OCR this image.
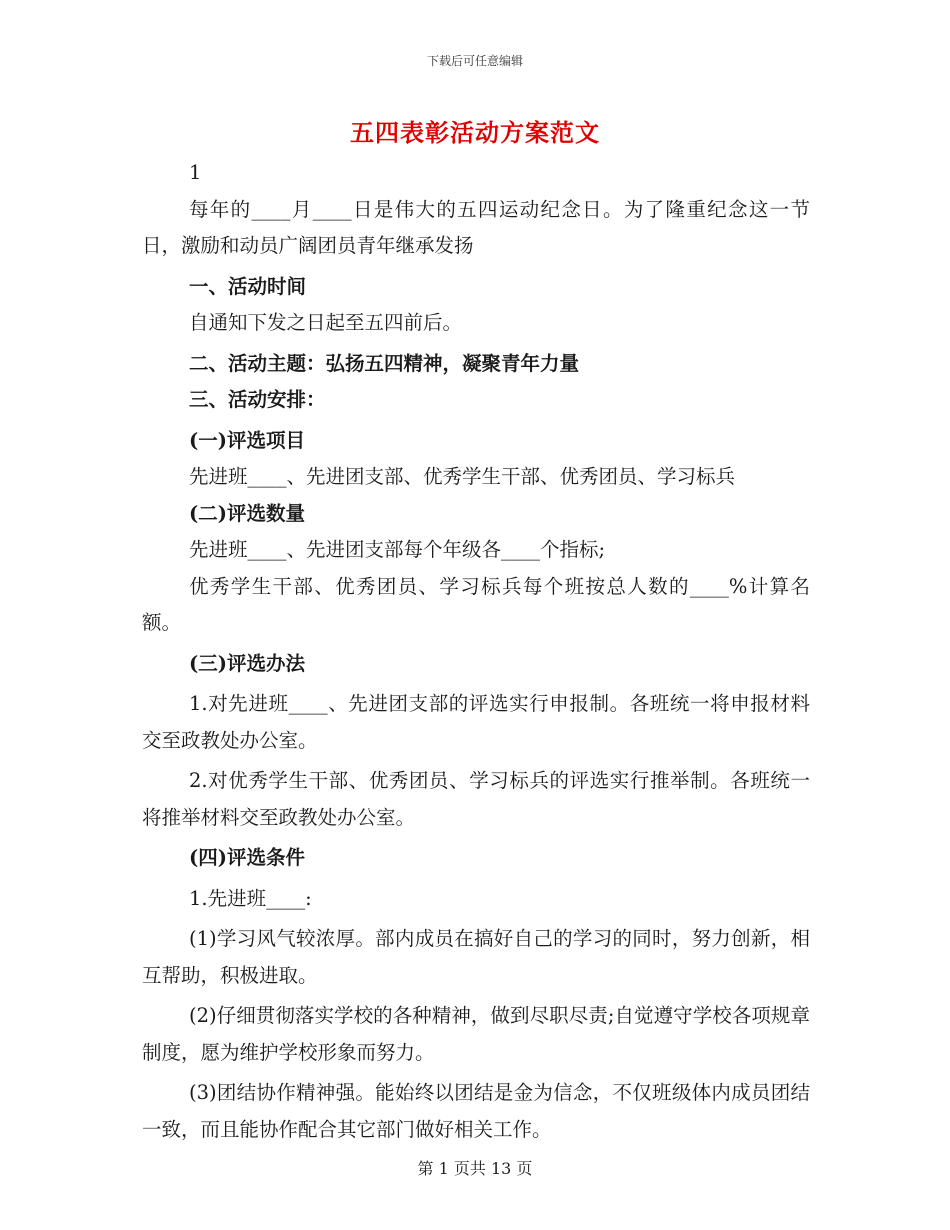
下载后可任意编辑
五四表彰活动方案范文

1

每年的____月____日是伟大的五四运动纪念日。为了隆重纪念这一节日，激励和动员广阔团员青年继承发扬

一、活动时间

自通知下发之日起至五四前后。

二、活动主题：弘扬五四精神，凝聚青年力量

三、活动安排：

(一)评选项目

先进班____、先进团支部、优秀学生干部、优秀团员、学习标兵

(二)评选数量

先进班____、先进团支部每个年级各____个指标;

优秀学生干部、优秀团员、学习标兵每个班按总人数的____%计算名额。

(三)评选办法

1.对先进班____、先进团支部的评选实行申报制。各班统一将申报材料交至政教处办公室。

2.对优秀学生干部、优秀团员、学习标兵的评选实行推举制。各班统一将推举材料交至政教处办公室。

(四)评选条件

1.先进班____:

(1)学习风气较浓厚。部内成员在搞好自己的学习的同时，努力创新，相互帮助，积极进取。

(2)仔细贯彻落实学校的各种精神，做到尽职尽责;自觉遵守学校各项规章制度，愿为维护学校形象而努力。

(3)团结协作精神强。能始终以团结是金为信念，不仅班级体内成员团结一致，而且能协作配合其它部门做好相关工作。

第 1 页共 13 页
